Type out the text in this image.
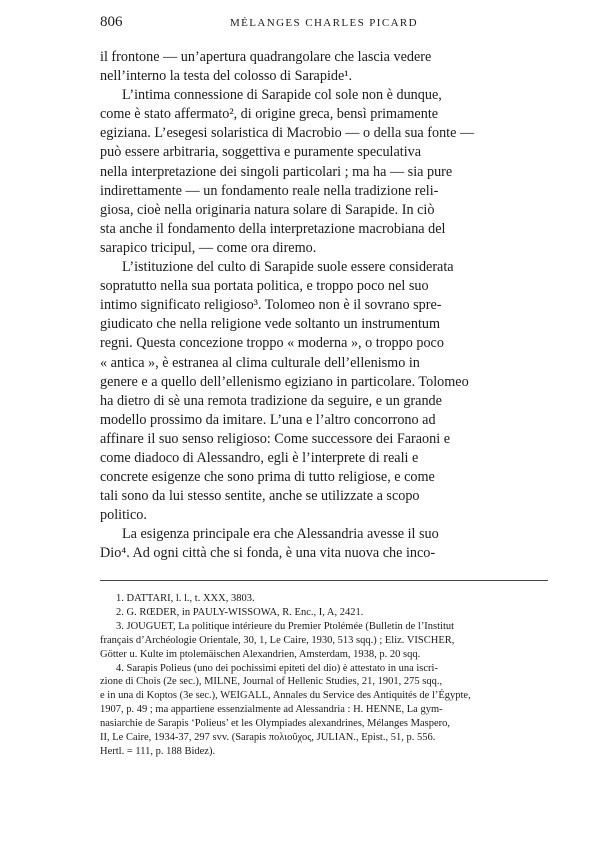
806	MÉLANGES CHARLES PICARD
il frontone — un’apertura quadrangolare che lascia vedere
nell’interno la testa del colosso di Sarapide¹.
L’intima connessione di Sarapide col sole non è dunque,
come è stato affermato², di origine greca, bensì primamente
egiziana. L’esegesi solaristica di Macrobio — o della sua fonte —
può essere arbitraria, soggettiva e puramente speculativa
nella interpretazione dei singoli particolari ; ma ha — sia pure
indirettamente — un fondamento reale nella tradizione reli-
giosa, cioè nella originaria natura solare di Sarapide. In ciò
sta anche il fondamento della interpretazione macrobiana del
sarapico tricipul, — come ora diremo.
L’istituzione del culto di Sarapide suole essere considerata
sopratutto nella sua portata politica, e troppo poco nel suo
intimo significato religioso³. Tolomeo non è il sovrano spre-
giudicato che nella religione vede soltanto un instrumentum
regni. Questa concezione troppo « moderna », o troppo poco
« antica », è estranea al clima culturale dell’ellenismo in
genere e a quello dell’ellenismo egiziano in particolare. Tolomeo
ha dietro di sè una remota tradizione da seguire, e un grande
modello prossimo da imitare. L’una e l’altro concorrono ad
affinare il suo senso religioso: Come successore dei Faraoni e
come diadoco di Alessandro, egli è l’interprete di reali e
concrete esigenze che sono prima di tutto religiose, e come
tali sono da lui stesso sentite, anche se utilizzate a scopo
politico.
La esigenza principale era che Alessandria avesse il suo
Dio⁴. Ad ogni città che si fonda, è una vita nuova che inco-
1. DATTARI, l. l., t. XXX, 3803.
2. G. RŒDER, in PAULY-WISSOWA, R. Enc., I, A, 2421.
3. JOUGUET, La politique intérieure du Premier Ptolémée (Bulletin de l’Institut
français d’Archéologie Orientale, 30, 1, Le Caire, 1930, 513 sqq.) ; Eliz. VISCHER,
Götter u. Kulte im ptolemäischen Alexandrien, Amsterdam, 1938, p. 20 sqq.
4. Sarapis Polieus (uno dei pochissimi epiteti del dio) è attestato in una iscri-
zione di Chois (2e sec.), MILNE, Journal of Hellenic Studies, 21, 1901, 275 sqq.,
e in una di Koptos (3e sec.), WEIGALL, Annales du Service des Antiquités de l’Égypte,
1907, p. 49 ; ma appartiene essenzialmente ad Alessandria : H. HENNE, La gym-
nasiarchie de Sarapis ‘Polieus’ et les Olympiades alexandrines, Mélanges Maspero,
II, Le Caire, 1934-37, 297 svv. (Sarapis πολιοῦχος, JULIAN., Epist., 51, p. 556.
Hertl. = 111, p. 188 Bidez).
